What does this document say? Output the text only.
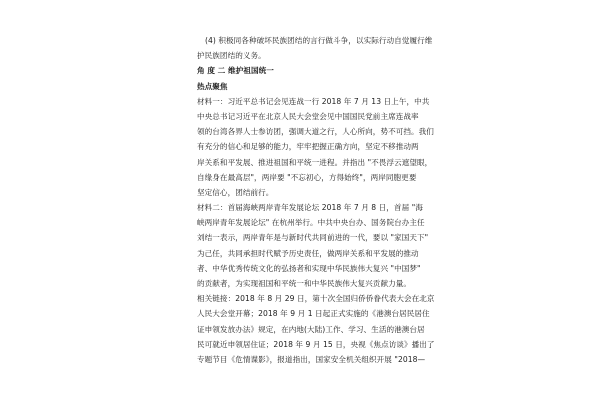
(4) 积极同各种破坏民族团结的言行做斗争，以实际行动自觉履行维
护民族团结的义务。
角 度 二 维护祖国统一
热点聚焦
材料一：习近平总书记会见连战一行 2018 年 7 月 13 日上午，中共
中央总书记习近平在北京人民大会堂会见中国国民党前主席连战率
领的台湾各界人士参访团，强调大道之行，人心所向，势不可挡。我们
有充分的信心和足够的能力，牢牢把握正确方向，坚定不移推动两
岸关系和平发展、推进祖国和平统一进程。并指出 "不畏浮云遮望眼，
自缘身在最高层"，两岸要 "不忘初心，方得始终"，两岸同胞更要
坚定信心，团结前行。
材料二：首届海峡两岸青年发展论坛 2018 年 7 月 8 日，首届 "海
峡两岸青年发展论坛" 在杭州举行。中共中央台办、国务院台办主任
刘结一表示，两岸青年是与新时代共同前进的一代，要以 "家国天下"
为己任，共同承担时代赋予历史责任，做两岸关系和平发展的推动
者、中华优秀传统文化的弘扬者和实现中华民族伟大复兴 "中国梦"
的贡献者，为实现祖国和平统一和中华民族伟大复兴贡献力量。
相关链接：2018 年 8 月 29 日，第十次全国归侨侨眷代表大会在北京
人民大会堂开幕；2018 年 9 月 1 日起正式实施的《港澳台居民居住
证申领发放办法》规定，在内地(大陆)工作、学习、生活的港澳台居
民可就近申领居住证；2018 年 9 月 15 日，央视《焦点访谈》播出了
专题节目《危情谍影》，报道指出，国家安全机关组织开展 "2018—
